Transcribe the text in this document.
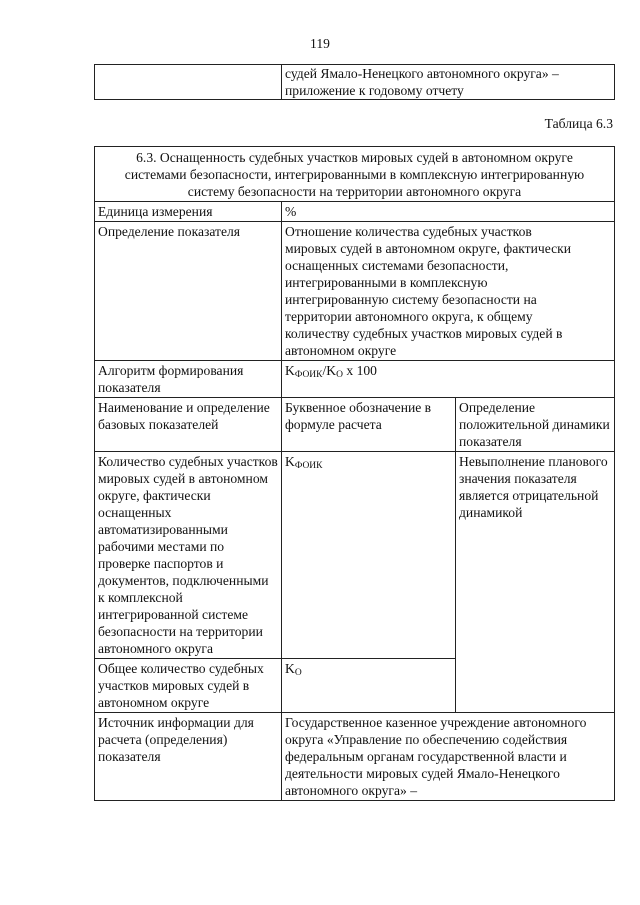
119
	судей Ямало-Ненецкого автономного округа» – приложение к годовому отчету
Таблица 6.3
6.3. Оснащенность судебных участков мировых судей в автономном округе системами безопасности, интегрированными в комплексную интегрированную систему безопасности на территории автономного округа		
Единица измерения	%	
Определение показателя	Отношение количества судебных участков мировых судей в автономном округе, фактически оснащенных системами безопасности, интегрированными в комплексную интегрированную систему безопасности на территории автономного округа, к общему количеству судебных участков мировых судей в автономном округе	
Алгоритм формирования показателя	$K_{ФОИК}/K_О$ x 100	
Наименование и определение базовых показателей	Буквенное обозначение в формуле расчета	Определение положительной динамики показателя
Количество судебных участков мировых судей в автономном округе, фактически оснащенных автоматизированными рабочими местами по проверке паспортов и документов, подключенными к комплексной интегрированной системе безопасности на территории автономного округа	$K_{ФОИК}$	Невыполнение планового значения показателя является отрицательной динамикой
Общее количество судебных участков мировых судей в автономном округе	$K_О$
Источник информации для расчета (определения) показателя	Государственное казенное учреждение автономного округа «Управление по обеспечению содействия федеральным органам государственной власти и деятельности мировых судей Ямало-Ненецкого автономного округа» –	
